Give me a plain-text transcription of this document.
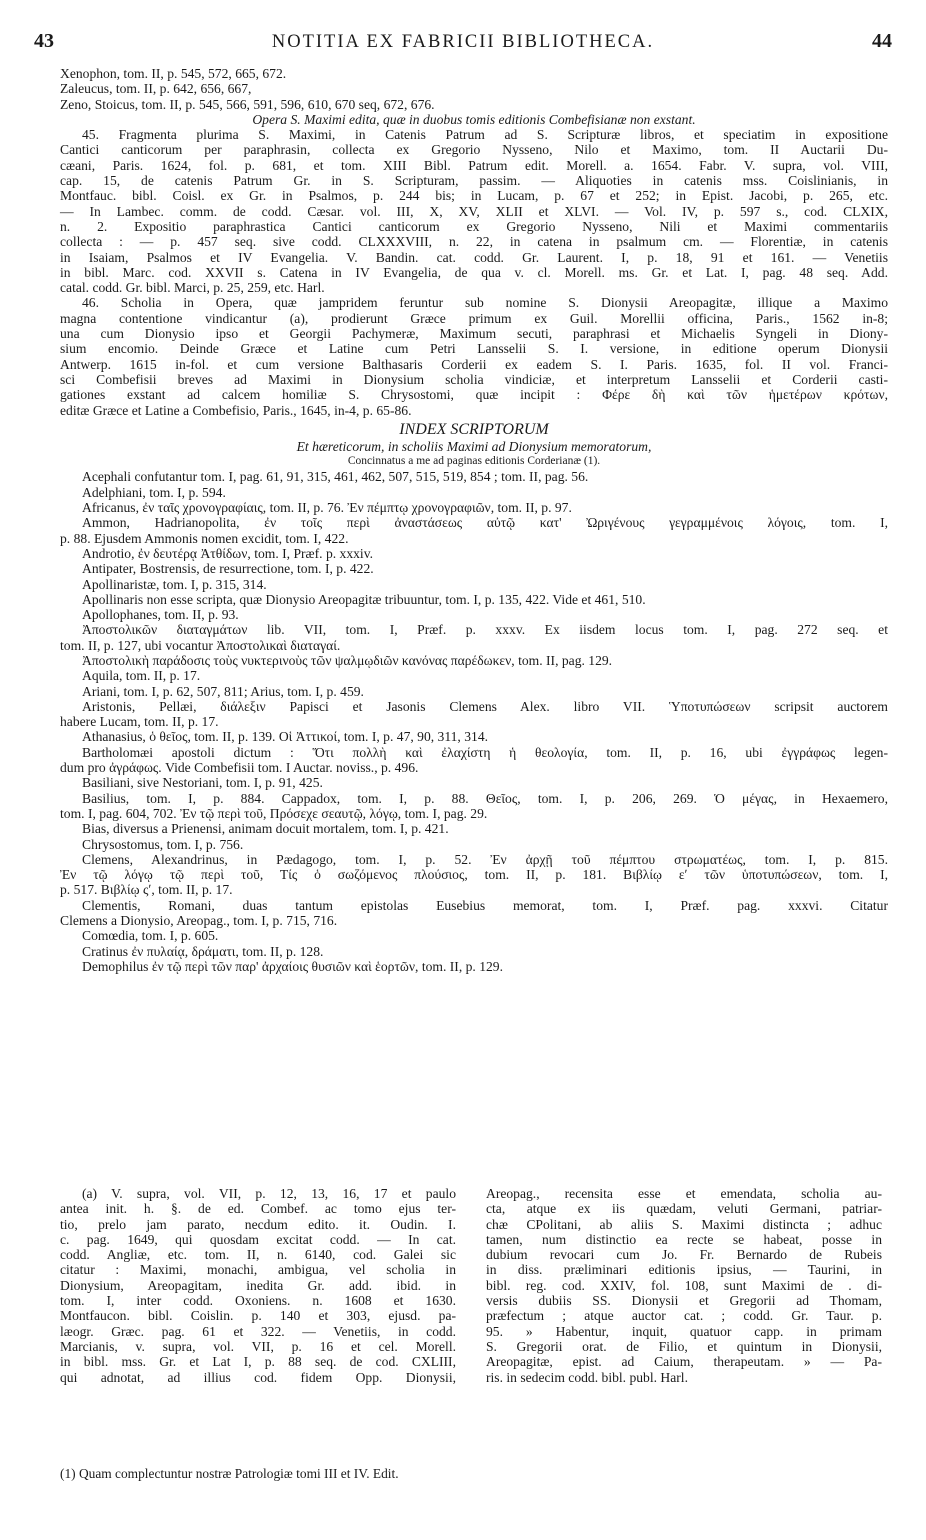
43	NOTITIA EX FABRICII BIBLIOTHECA.	44
Xenophon, tom. II, p. 545, 572, 665, 672.
Zaleucus, tom. II, p. 642, 656, 667,
Zeno, Stoicus, tom. II, p. 545, 566, 591, 596, 610, 670 seq, 672, 676.
Opera S. Maximi edita, quæ in duobus tomis editionis Combefisianæ non exstant.
45. Fragmenta plurima S. Maximi, in Catenis Patrum ad S. Scripturæ libros, et speciatim in expositione
Cantici canticorum per paraphrasin, collecta ex Gregorio Nysseno, Nilo et Maximo, tom. II Auctarii Du-
cæani, Paris. 1624, fol. p. 681, et tom. XIII Bibl. Patrum edit. Morell. a. 1654. Fabr. V. supra, vol. VIII,
cap. 15, de catenis Patrum Gr. in S. Scripturam, passim. — Aliquoties in catenis mss. Coislinianis, in
Montfauc. bibl. Coisl. ex Gr. in Psalmos, p. 244 bis; in Lucam, p. 67 et 252; in Epist. Jacobi, p. 265, etc.
— In Lambec. comm. de codd. Cæsar. vol. III, X, XV, XLII et XLVI. — Vol. IV, p. 597 s., cod. CLXIX,
n. 2. Expositio paraphrastica Cantici canticorum ex Gregorio Nysseno, Nili et Maximi commentariis
collecta : — p. 457 seq. sive codd. CLXXXVIII, n. 22, in catena in psalmum cm. — Florentiæ, in catenis
in Isaiam, Psalmos et IV Evangelia. V. Bandin. cat. codd. Gr. Laurent. I, p. 18, 91 et 161. — Venetiis
in bibl. Marc. cod. XXVII s. Catena in IV Evangelia, de qua v. cl. Morell. ms. Gr. et Lat. I, pag. 48 seq. Add.
catal. codd. Gr. bibl. Marci, p. 25, 259, etc. Harl.
46. Scholia in Opera, quæ jampridem feruntur sub nomine S. Dionysii Areopagitæ, illique a Maximo
magna contentione vindicantur (a), prodierunt Græce primum ex Guil. Morellii officina, Paris., 1562 in-8;
una cum Dionysio ipso et Georgii Pachymeræ, Maximum secuti, paraphrasi et Michaelis Syngeli in Diony-
sium encomio. Deinde Græce et Latine cum Petri Lansselii S. I. versione, in editione operum Dionysii
Antwerp. 1615 in-fol. et cum versione Balthasaris Corderii ex eadem S. I. Paris. 1635, fol. II vol. Franci-
sci Combefisii breves ad Maximi in Dionysium scholia vindiciæ, et interpretum Lansselii et Corderii casti-
gationes exstant ad calcem homiliæ S. Chrysostomi, quæ incipit : Φέρε δὴ καὶ τῶν ἡμετέρων κρότων,
editæ Græce et Latine a Combefisio, Paris., 1645, in-4, p. 65-86.
INDEX SCRIPTORUM
Et hæreticorum, in scholiis Maximi ad Dionysium memoratorum,
Concinnatus a me ad paginas editionis Corderianæ (1).
Acephali confutantur tom. I, pag. 61, 91, 315, 461, 462, 507, 515, 519, 854 ; tom. II, pag. 56.
Adelphiani, tom. I, p. 594.
Africanus, ἐν ταῖς χρονογραφίαις, tom. II, p. 76. Ἐν πέμπτῳ χρονογραφιῶν, tom. II, p. 97.
Ammon, Hadrianopolita, ἐν τοῖς περὶ ἀναστάσεως αὐτῷ κατ' Ὠριγένους γεγραμμένοις λόγοις, tom. I,
p. 88. Ejusdem Ammonis nomen excidit, tom. I, 422.
Androtio, ἐν δευτέρᾳ Ἀτθίδων, tom. I, Præf. p. xxxiv.
Antipater, Bostrensis, de resurrectione, tom. I, p. 422.
Apollinaristæ, tom. I, p. 315, 314.
Apollinaris non esse scripta, quæ Dionysio Areopagitæ tribuuntur, tom. I, p. 135, 422. Vide et 461, 510.
Apollophanes, tom. II, p. 93.
Ἀποστολικῶν διαταγμάτων lib. VII, tom. I, Præf. p. xxxv. Ex iisdem locus tom. I, pag. 272 seq. et
tom. II, p. 127, ubi vocantur Ἀποστολικαὶ διαταγαί.
Ἀποστολικὴ παράδοσις τοὺς νυκτερινοὺς τῶν ψαλμῳδιῶν κανόνας παρέδωκεν, tom. II, pag. 129.
Aquila, tom. II, p. 17.
Ariani, tom. I, p. 62, 507, 811; Arius, tom. I, p. 459.
Aristonis, Pellæi, διάλεξιν Papisci et Jasonis Clemens Alex. libro VII. Ὑποτυπώσεων scripsit auctorem
habere Lucam, tom. II, p. 17.
Athanasius, ὁ θεῖος, tom. II, p. 139. Οἱ Ἀττικοί, tom. I, p. 47, 90, 311, 314.
Bartholomæi apostoli dictum : Ὅτι πολλὴ καὶ ἐλαχίστη ἡ θεολογία, tom. II, p. 16, ubi ἐγγράφως legen-
dum pro ἀγράφως. Vide Combefisii tom. I Auctar. noviss., p. 496.
Basiliani, sive Nestoriani, tom. I, p. 91, 425.
Basilius, tom. I, p. 884. Cappadox, tom. I, p. 88. Θεῖος, tom. I, p. 206, 269. Ὁ μέγας, in Hexaemero,
tom. I, pag. 604, 702. Ἐν τῷ περὶ τοῦ, Πρόσεχε σεαυτῷ, λόγῳ, tom. I, pag. 29.
Bias, diversus a Prienensi, animam docuit mortalem, tom. I, p. 421.
Chrysostomus, tom. I, p. 756.
Clemens, Alexandrinus, in Pædagogo, tom. I, p. 52. Ἐν ἀρχῇ τοῦ πέμπτου στρωματέως, tom. I, p. 815.
Ἐν τῷ λόγῳ τῷ περὶ τοῦ, Τίς ὁ σωζόμενος πλούσιος, tom. II, p. 181. Βιβλίῳ εʹ τῶν ὑποτυπώσεων, tom. I,
p. 517. Βιβλίῳ ςʹ, tom. II, p. 17.
Clementis, Romani, duas tantum epistolas Eusebius memorat, tom. I, Præf. pag. xxxvi. Citatur
Clemens a Dionysio, Areopag., tom. I, p. 715, 716.
Comœdia, tom. I, p. 605.
Cratinus ἐν πυλαίᾳ, δράματι, tom. II, p. 128.
Demophilus ἐν τῷ περὶ τῶν παρ' ἀρχαίοις θυσιῶν καὶ ἑορτῶν, tom. II, p. 129.
(a) V. supra, vol. VII, p. 12, 13, 16, 17 et paulo
antea init. h. §. de ed. Combef. ac tomo ejus ter-
tio, prelo jam parato, necdum edito. it. Oudin. I.
c. pag. 1649, qui quosdam excitat codd. — In cat.
codd. Angliæ, etc. tom. II, n. 6140, cod. Galei sic
citatur : Maximi, monachi, ambigua, vel scholia in
Dionysium, Areopagitam, inedita Gr. add. ibid. in
tom. I, inter codd. Oxoniens. n. 1608 et 1630.
Montfaucon. bibl. Coislin. p. 140 et 303, ejusd. pa-
læogr. Græc. pag. 61 et 322. — Venetiis, in codd.
Marcianis, v. supra, vol. VII, p. 16 et cel. Morell.
in bibl. mss. Gr. et Lat I, p. 88 seq. de cod. CXLIII,
qui adnotat, ad illius cod. fidem Opp. Dionysii,
Areopag., recensita esse et emendata, scholia au-
cta, atque ex iis quædam, veluti Germani, patriar-
chæ CPolitani, ab aliis S. Maximi distincta ; adhuc
tamen, num distinctio ea recte se habeat, posse in
dubium revocari cum Jo. Fr. Bernardo de Rubeis
in diss. præliminari editionis ipsius, — Taurini, in
bibl. reg. cod. XXIV, fol. 108, sunt Maximi de . di-
versis dubiis SS. Dionysii et Gregorii ad Thomam,
præfectum ; atque auctor cat. ; codd. Gr. Taur. p.
95. » Habentur, inquit, quatuor capp. in primam
S. Gregorii orat. de Filio, et quintum in Dionysii,
Areopagitæ, epist. ad Caium, therapeutam. » — Pa-
ris. in sedecim codd. bibl. publ. Harl.
(1) Quam complectuntur nostræ Patrologiæ tomi III et IV. Edit.
